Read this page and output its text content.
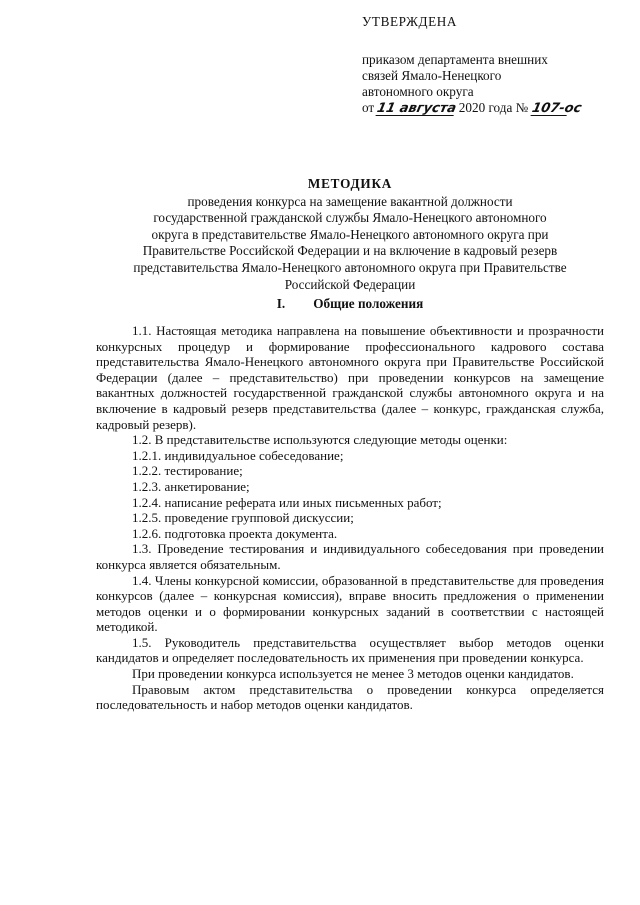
УТВЕРЖДЕНА
приказом департамента внешних
связей Ямало-Ненецкого
автономного округа
от 11 августа 2020 года № 107-ос
МЕТОДИКА
проведения конкурса на замещение вакантной должности
государственной гражданской службы Ямало-Ненецкого автономного
округа в представительстве Ямало-Ненецкого автономного округа при
Правительстве Российской Федерации и на включение в кадровый резерв
представительства Ямало-Ненецкого автономного округа при Правительстве
Российской Федерации
I. Общие положения

1.1. Настоящая методика направлена на повышение объективности и прозрачности конкурсных процедур и формирование профессионального кадрового состава представительства Ямало-Ненецкого автономного округа при Правительстве Российской Федерации (далее – представительство) при проведении конкурсов на замещение вакантных должностей государственной гражданской службы автономного округа и на включение в кадровый резерв представительства (далее – конкурс, гражданская служба, кадровый резерв).

1.2. В представительстве используются следующие методы оценки:

1.2.1. индивидуальное собеседование;

1.2.2. тестирование;

1.2.3. анкетирование;

1.2.4. написание реферата или иных письменных работ;

1.2.5. проведение групповой дискуссии;

1.2.6. подготовка проекта документа.

1.3. Проведение тестирования и индивидуального собеседования при проведении конкурса является обязательным.

1.4. Члены конкурсной комиссии, образованной в представительстве для проведения конкурсов (далее – конкурсная комиссия), вправе вносить предложения о применении методов оценки и о формировании конкурсных заданий в соответствии с настоящей методикой.

1.5. Руководитель представительства осуществляет выбор методов оценки кандидатов и определяет последовательность их применения при проведении конкурса.

При проведении конкурса используется не менее 3 методов оценки кандидатов.

Правовым актом представительства о проведении конкурса определяется последовательность и набор методов оценки кандидатов.
